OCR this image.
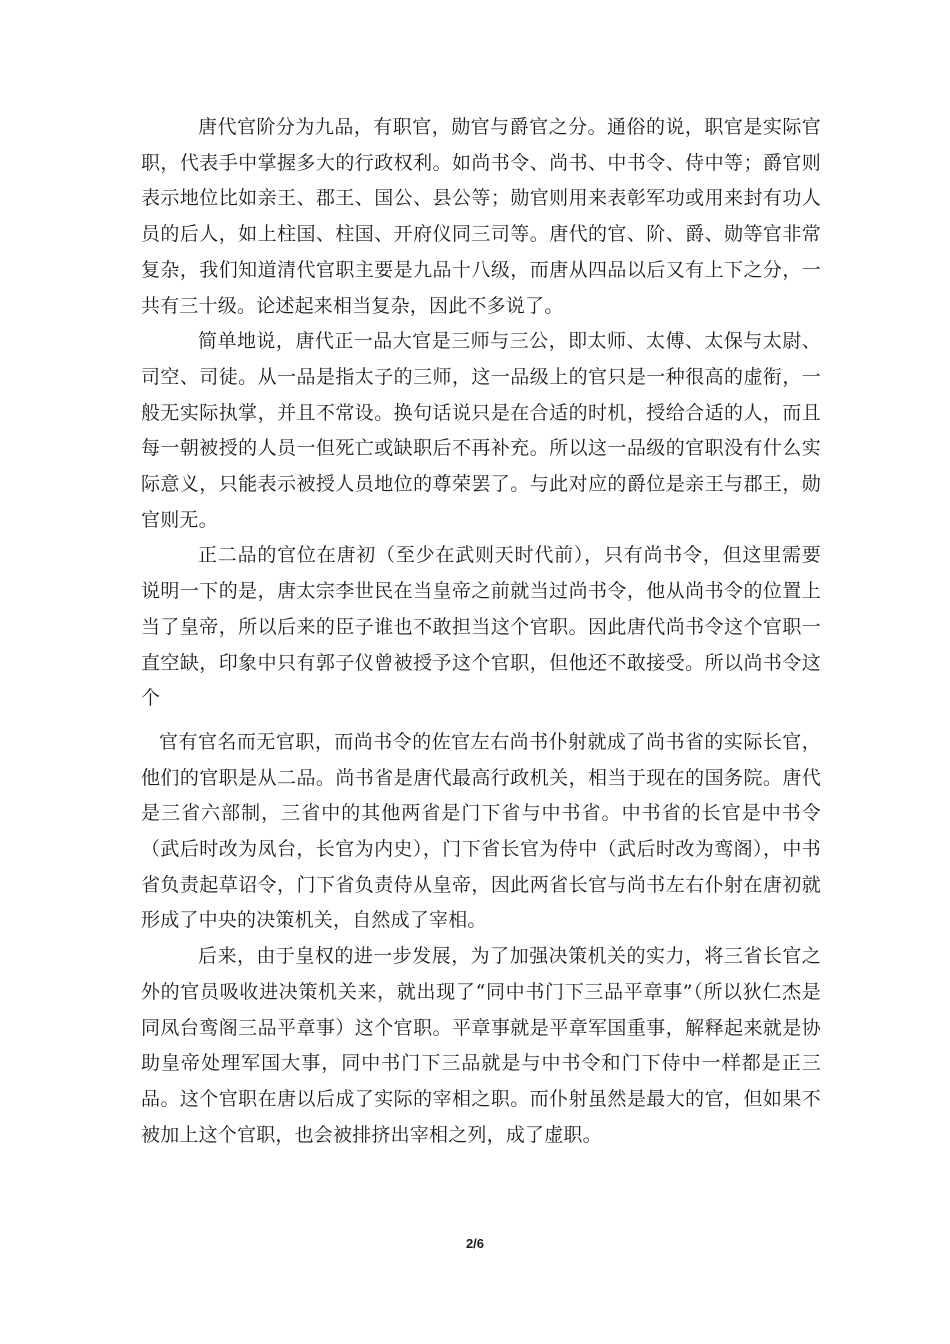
唐代官阶分为九品，有职官，勋官与爵官之分。通俗的说，职官是实际官职，代表手中掌握多大的行政权利。如尚书令、尚书、中书令、侍中等；爵官则表示地位比如亲王、郡王、国公、县公等；勋官则用来表彰军功或用来封有功人员的后人，如上柱国、柱国、开府仪同三司等。唐代的官、阶、爵、勋等官非常复杂，我们知道清代官职主要是九品十八级，而唐从四品以后又有上下之分，一共有三十级。论述起来相当复杂，因此不多说了。

简单地说，唐代正一品大官是三师与三公，即太师、太傅、太保与太尉、司空、司徒。从一品是指太子的三师，这一品级上的官只是一种很高的虚衔，一般无实际执掌，并且不常设。换句话说只是在合适的时机，授给合适的人，而且每一朝被授的人员一但死亡或缺职后不再补充。所以这一品级的官职没有什么实际意义，只能表示被授人员地位的尊荣罢了。与此对应的爵位是亲王与郡王，勋官则无。

正二品的官位在唐初（至少在武则天时代前），只有尚书令，但这里需要说明一下的是，唐太宗李世民在当皇帝之前就当过尚书令，他从尚书令的位置上当了皇帝，所以后来的臣子谁也不敢担当这个官职。因此唐代尚书令这个官职一直空缺，印象中只有郭子仪曾被授予这个官职，但他还不敢接受。所以尚书令这个

官有官名而无官职，而尚书令的佐官左右尚书仆射就成了尚书省的实际长官，他们的官职是从二品。尚书省是唐代最高行政机关，相当于现在的国务院。唐代是三省六部制，三省中的其他两省是门下省与中书省。中书省的长官是中书令（武后时改为凤台，长官为内史），门下省长官为侍中（武后时改为鸾阁），中书省负责起草诏令，门下省负责侍从皇帝，因此两省长官与尚书左右仆射在唐初就形成了中央的决策机关，自然成了宰相。

后来，由于皇权的进一步发展，为了加强决策机关的实力，将三省长官之外的官员吸收进决策机关来，就出现了“同中书门下三品平章事”（所以狄仁杰是同凤台鸾阁三品平章事）这个官职。平章事就是平章军国重事，解释起来就是协助皇帝处理军国大事，同中书门下三品就是与中书令和门下侍中一样都是正三品。这个官职在唐以后成了实际的宰相之职。而仆射虽然是最大的官，但如果不被加上这个官职，也会被排挤出宰相之列，成了虚职。

2/6
